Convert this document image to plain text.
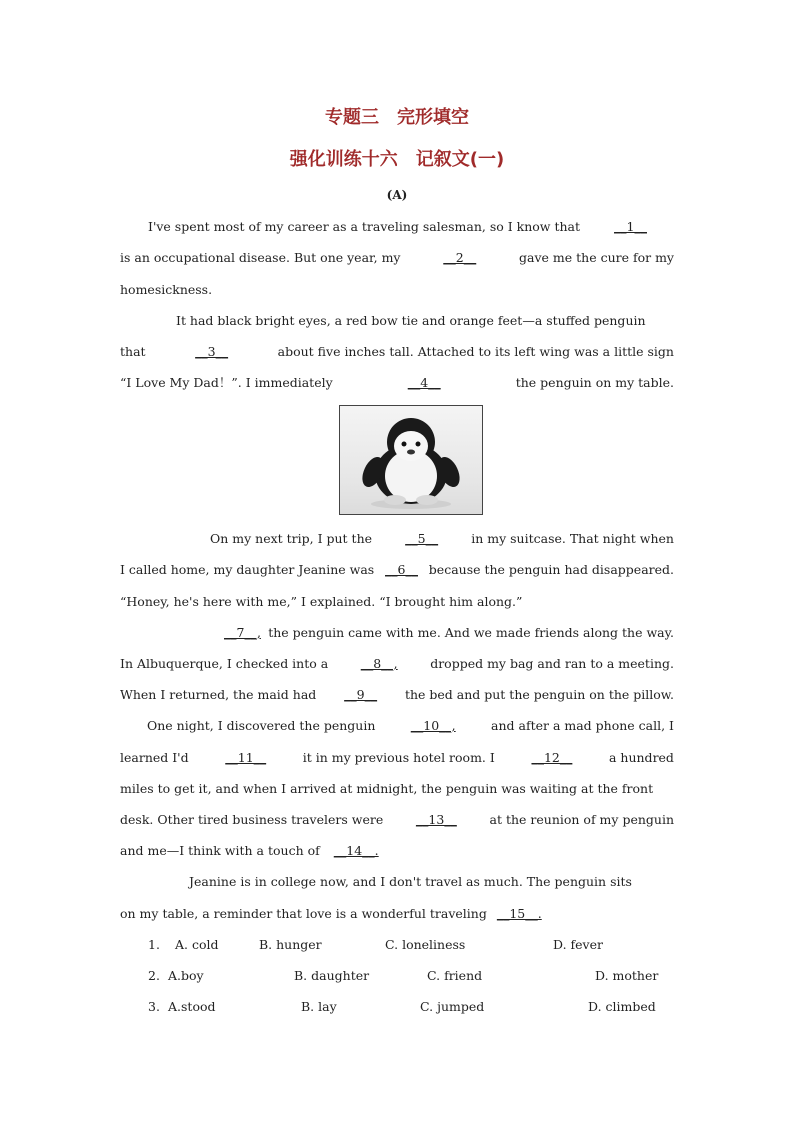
专题三　完形填空
强化训练十六　记叙文(一)
(A)
I've spent most of my career as a traveling salesman, so I know that	__1__
is an occupational disease. But one year, my	__2__	gave me the cure for my
homesickness.
It had black bright eyes, a red bow tie and orange feet—a stuffed penguin
that	__3__	about five inches tall. Attached to its left wing was a little sign
“I Love My Dad！”. I immediately	__4__	the penguin on my table.
On my next trip, I put the	__5__	in my suitcase. That night when
I called home, my daughter Jeanine was __6__ because the penguin had disappeared.
“Honey, he's here with me,” I explained. “I brought him along.”
__7__, the penguin came with me. And we made friends along the way.
In Albuquerque, I checked into a	__8__,	dropped my bag and ran to a meeting.
When I returned, the maid had	__9__	the bed and put the penguin on the pillow.
One night, I discovered the penguin	__10__,	and after a mad phone call, I
learned I'd	__11__	it in my previous hotel room. I	__12__	a hundred
miles to get it, and when I arrived at midnight, the penguin was waiting at the front
desk. Other tired business travelers were	__13__	at the reunion of my penguin
and me—I think with a touch of __14__.
Jeanine is in college now, and I don't travel as much. The penguin sits
on my table, a reminder that love is a wonderful traveling __15__.
1. A. cold	B. hunger	C. loneliness	D. fever
2. A.boy	B. daughter	C. friend	D. mother
3. A.stood	B. lay	C. jumped	D. climbed
